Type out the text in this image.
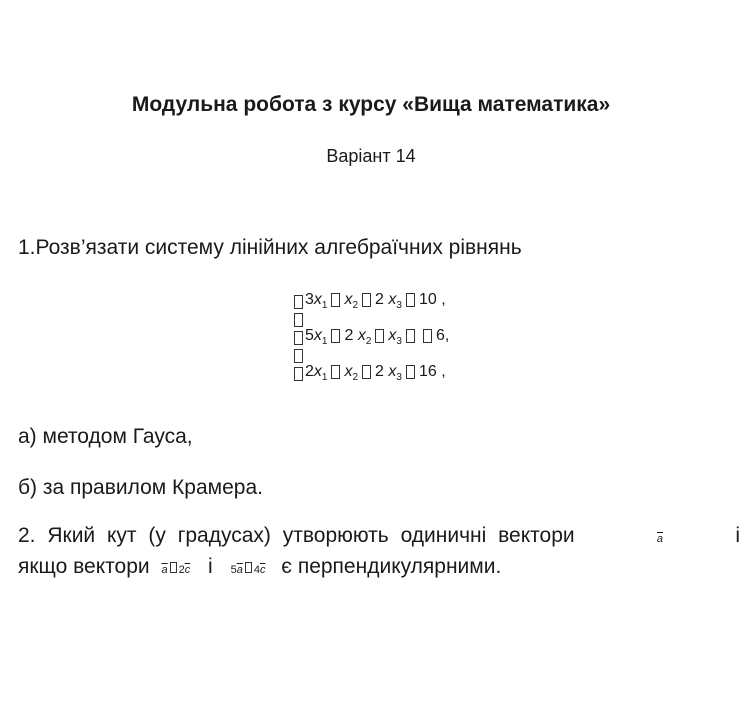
Модульна робота з курсу «Вища математика»
Варіант 14

1.Розв’язати систему лінійних алгебраїчних рівнянь

$3x_1$ $x_2$ 2 $x_3$ 10 ,
$5x_1$ 2 $x_2$ $x_3$ 6,
$2x_1$ $x_2$ 2 $x_3$ 16 ,

а) методом Гауса,

б) за правилом Крамера.

2. Який кут (у градусах) утворюють одиничні вектори	$\overline{a}$	і
якщо вектори $\overline{a}$ $2\overline{c}$ і $5\overline{a}$ $4\overline{c}$ є перпендикулярними.
